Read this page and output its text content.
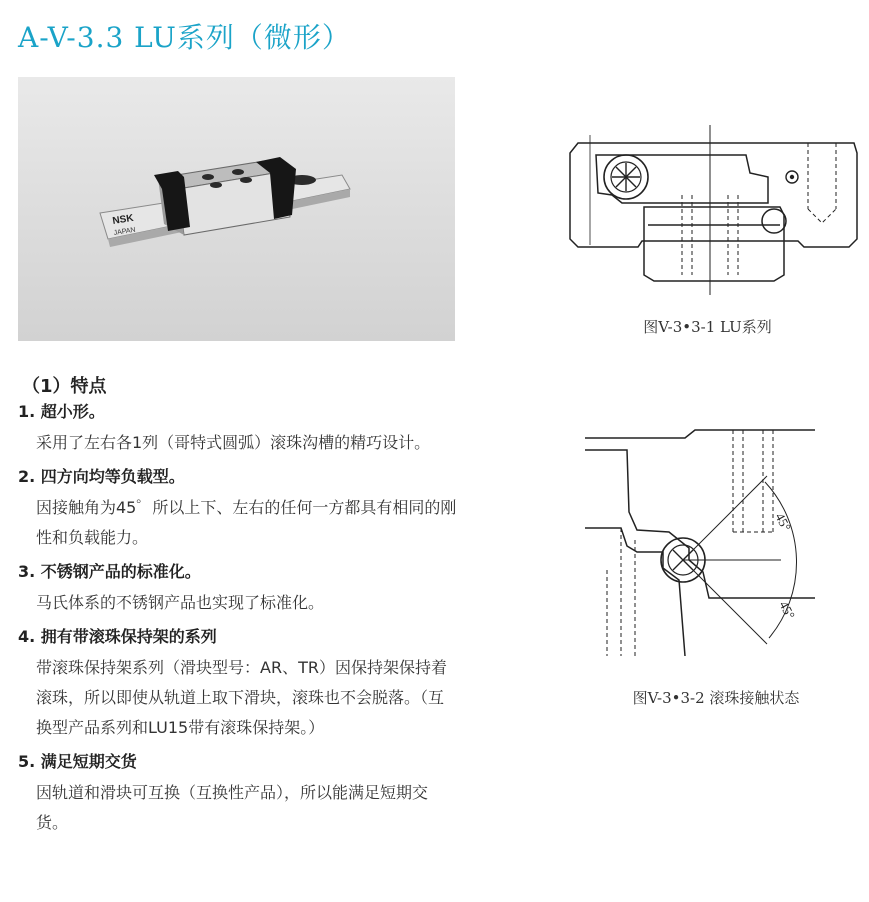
A-V-3.3 LU系列（微形）
NSK
JAPAN
图V-3•3-1 LU系列
45°
45°
图V-3•3-2 滚珠接触状态
（1）特点
1. 超小形。

采用了左右各1列（哥特式圆弧）滚珠沟槽的精巧设计。

2. 四方向均等负载型。

因接触角为45゜所以上下、左右的任何一方都具有相同的刚性和负载能力。

3. 不锈钢产品的标准化。

马氏体系的不锈钢产品也实现了标准化。

4. 拥有带滚珠保持架的系列

带滚珠保持架系列（滑块型号：AR、TR）因保持架保持着滚珠，所以即使从轨道上取下滑块，滚珠也不会脱落。（互换型产品系列和LU15带有滚珠保持架。）

5. 满足短期交货

因轨道和滑块可互换（互换性产品），所以能满足短期交货。
